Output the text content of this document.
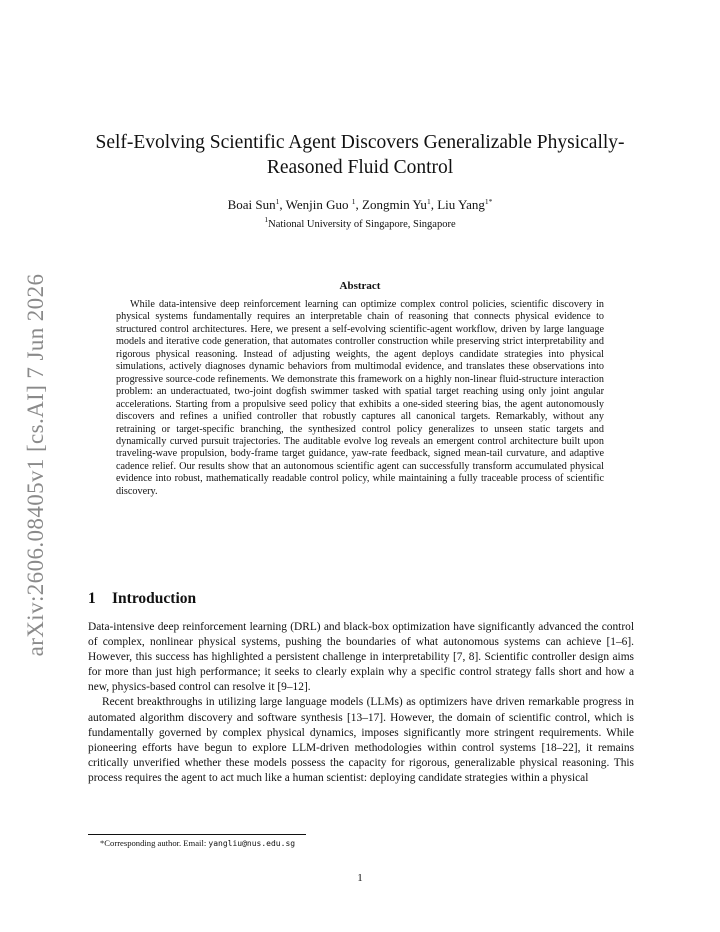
arXiv:2606.08405v1 [cs.AI] 7 Jun 2026
Self-Evolving Scientific Agent Discovers Generalizable Physically-Reasoned Fluid Control
Boai Sun$^1$, Wenjin Guo $^1$, Zongmin Yu$^1$, Liu Yang$^{1*}$
$^1$National University of Singapore, Singapore
Abstract

While data-intensive deep reinforcement learning can optimize complex control policies, scientific discovery in physical systems fundamentally requires an interpretable chain of reasoning that connects physical evidence to structured control architectures. Here, we present a self-evolving scientific-agent workflow, driven by large language models and iterative code generation, that automates controller construction while preserving strict interpretability and rigorous physical reasoning. Instead of adjusting weights, the agent deploys candidate strategies into physical simulations, actively diagnoses dynamic behaviors from multimodal evidence, and translates these observations into progressive source-code refinements. We demonstrate this framework on a highly non-linear fluid-structure interaction problem: an underactuated, two-joint dogfish swimmer tasked with spatial target reaching using only joint angular accelerations. Starting from a propulsive seed policy that exhibits a one-sided steering bias, the agent autonomously discovers and refines a unified controller that robustly captures all canonical targets. Remarkably, without any retraining or target-specific branching, the synthesized control policy generalizes to unseen static targets and dynamically curved pursuit trajectories. The auditable evolve log reveals an emergent control architecture built upon traveling-wave propulsion, body-frame target guidance, yaw-rate feedback, signed mean-tail curvature, and adaptive cadence relief. Our results show that an autonomous scientific agent can successfully transform accumulated physical evidence into robust, mathematically readable control policy, while maintaining a fully traceable process of scientific discovery.

1 Introduction

Data-intensive deep reinforcement learning (DRL) and black-box optimization have significantly advanced the control of complex, nonlinear physical systems, pushing the boundaries of what autonomous systems can achieve [1–6]. However, this success has highlighted a persistent challenge in interpretability [7, 8]. Scientific controller design aims for more than just high performance; it seeks to clearly explain why a specific control strategy falls short and how a new, physics-based control can resolve it [9–12].

Recent breakthroughs in utilizing large language models (LLMs) as optimizers have driven remarkable progress in automated algorithm discovery and software synthesis [13–17]. However, the domain of scientific control, which is fundamentally governed by complex physical dynamics, imposes significantly more stringent requirements. While pioneering efforts have begun to explore LLM-driven methodologies within control systems [18–22], it remains critically unverified whether these models possess the capacity for rigorous, generalizable physical reasoning. This process requires the agent to act much like a human scientist: deploying candidate strategies within a physical

*Corresponding author. Email: yangliu@nus.edu.sg
1
